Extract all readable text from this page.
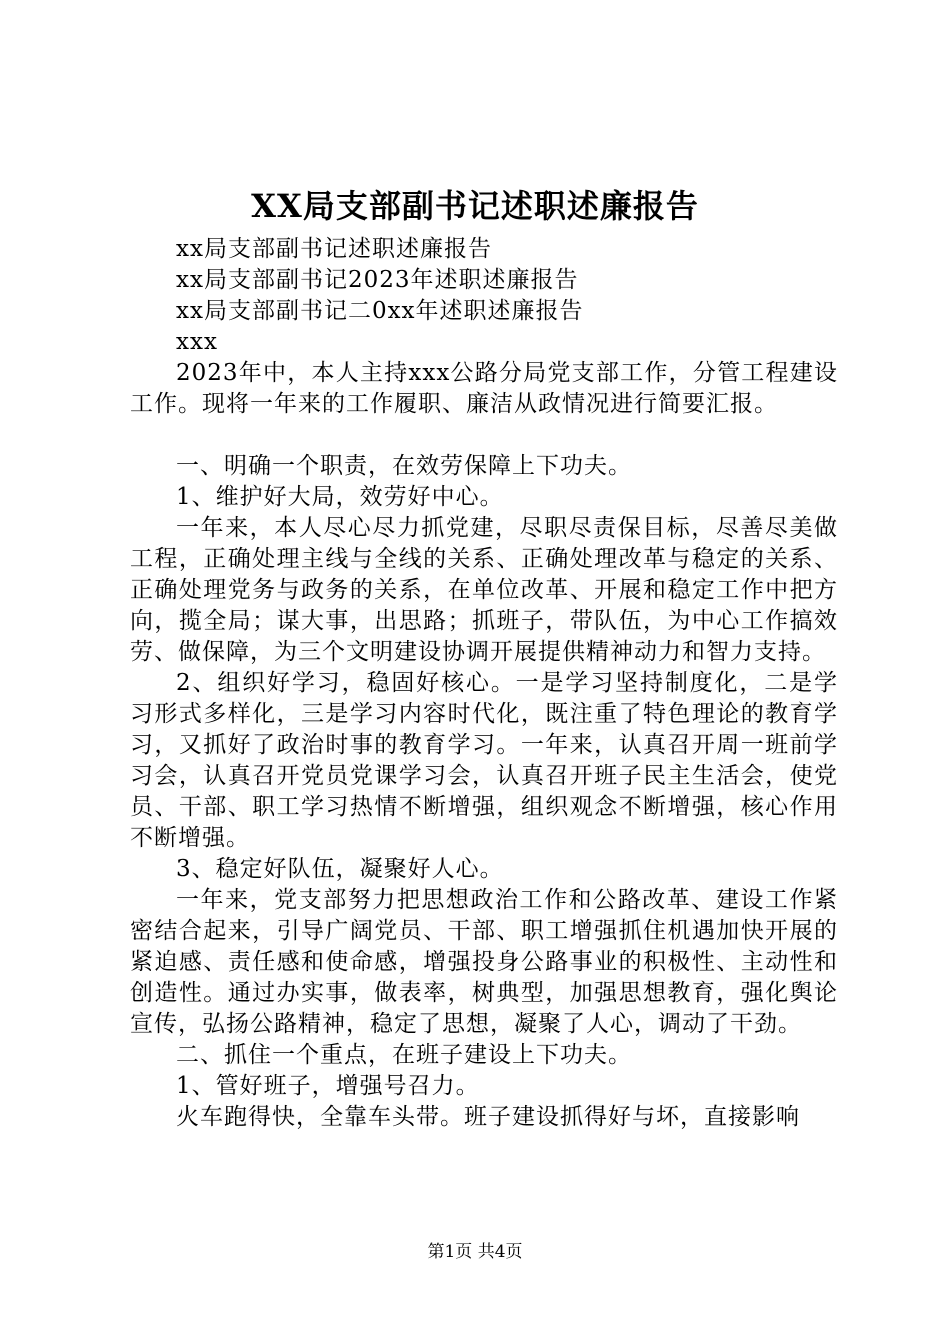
XX局支部副书记述职述廉报告

xx局支部副书记述职述廉报告

xx局支部副书记2023年述职述廉报告

xx局支部副书记二0xx年述职述廉报告

xxx

2023年中，本人主持xxx公路分局党支部工作，分管工程建设工作。现将一年来的工作履职、廉洁从政情况进行简要汇报。

一、明确一个职责，在效劳保障上下功夫。

1、维护好大局，效劳好中心。

一年来，本人尽心尽力抓党建，尽职尽责保目标，尽善尽美做工程，正确处理主线与全线的关系、正确处理改革与稳定的关系、正确处理党务与政务的关系，在单位改革、开展和稳定工作中把方向，揽全局；谋大事，出思路；抓班子，带队伍，为中心工作搞效劳、做保障，为三个文明建设协调开展提供精神动力和智力支持。

2、组织好学习，稳固好核心。一是学习坚持制度化，二是学习形式多样化，三是学习内容时代化，既注重了特色理论的教育学习，又抓好了政治时事的教育学习。一年来，认真召开周一班前学习会，认真召开党员党课学习会，认真召开班子民主生活会，使党员、干部、职工学习热情不断增强，组织观念不断增强，核心作用不断增强。

3、稳定好队伍，凝聚好人心。

一年来，党支部努力把思想政治工作和公路改革、建设工作紧密结合起来，引导广阔党员、干部、职工增强抓住机遇加快开展的紧迫感、责任感和使命感，增强投身公路事业的积极性、主动性和创造性。通过办实事，做表率，树典型，加强思想教育，强化舆论宣传，弘扬公路精神，稳定了思想，凝聚了人心，调动了干劲。

二、抓住一个重点，在班子建设上下功夫。

1、管好班子，增强号召力。

火车跑得快，全靠车头带。班子建设抓得好与坏，直接影响

第1页 共4页
